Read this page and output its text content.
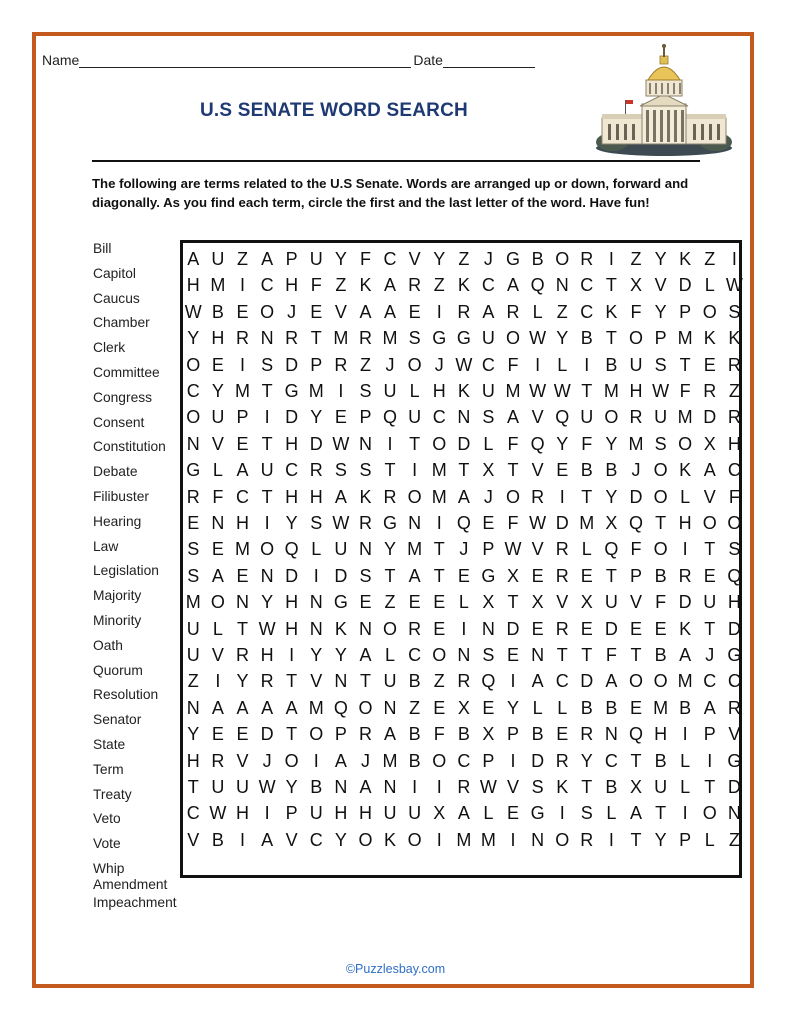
Name	Date
U.S SENATE WORD SEARCH
The following are terms related to the U.S Senate. Words are arranged up or down, forward and diagonally. As you find each term, circle the first and the last letter of the word. Have fun!
Bill
Capitol
Caucus
Chamber
Clerk
Committee
Congress
Consent
Constitution
Debate
Filibuster
Hearing
Law
Legislation
Majority
Minority
Oath
Quorum
Resolution
Senator
State
Term
Treaty
Veto
Vote
Whip
Amendment
Impeachment
A U Z A P U Y F C V Y Z J G B O R I Z Y K Z I
H M I C H F Z K A R Z K C A Q N C T X V D L W
W B E O J E V A A E I R A R L Z C K F Y P O S
Y H R N R T M R M S G G U O W Y B T O P M K K
O E I S D P R Z J O J W C F I L I B U S T E R
C Y M T G M I S U L H K U M W W T M H W F R Z
O U P I D Y E P Q U C N S A V Q U O R U M D R
N V E T H D W N I T O D L F Q Y F Y M S O X H
G L A U C R S S T I M T X T V E B B J O K A C
R F C T H H A K R O M A J O R I T Y D O L V F
E N H I Y S W R G N I Q E F W D M X Q T H O O
S E M O Q L U N Y M T J P W V R L Q F O I T S
S A E N D I D S T A T E G X E R E T P B R E Q
M O N Y H N G E Z E E L X T X V X U V F D U H
U L T W H N K N O R E I N D E R E D E E K T D
U V R H I Y Y A L C O N S E N T T F T B A J G
Z I Y R T V N T U B Z R Q I A C D A O O M C C
N A A A A M Q O N Z E X E Y L L B B E M B A R
Y E E D T O P R A B F B X P B E R N Q H I P V
H R V J O I A J M B O C P I D R Y C T B L I G
T U U W Y B N A N I	I R W V S K T B X U L T D
C W H I P U H H U U X A L E G I S L A T I O N
V B I A V C Y O K O I M M I N O R I T Y P L Z
©Puzzlesbay.com
